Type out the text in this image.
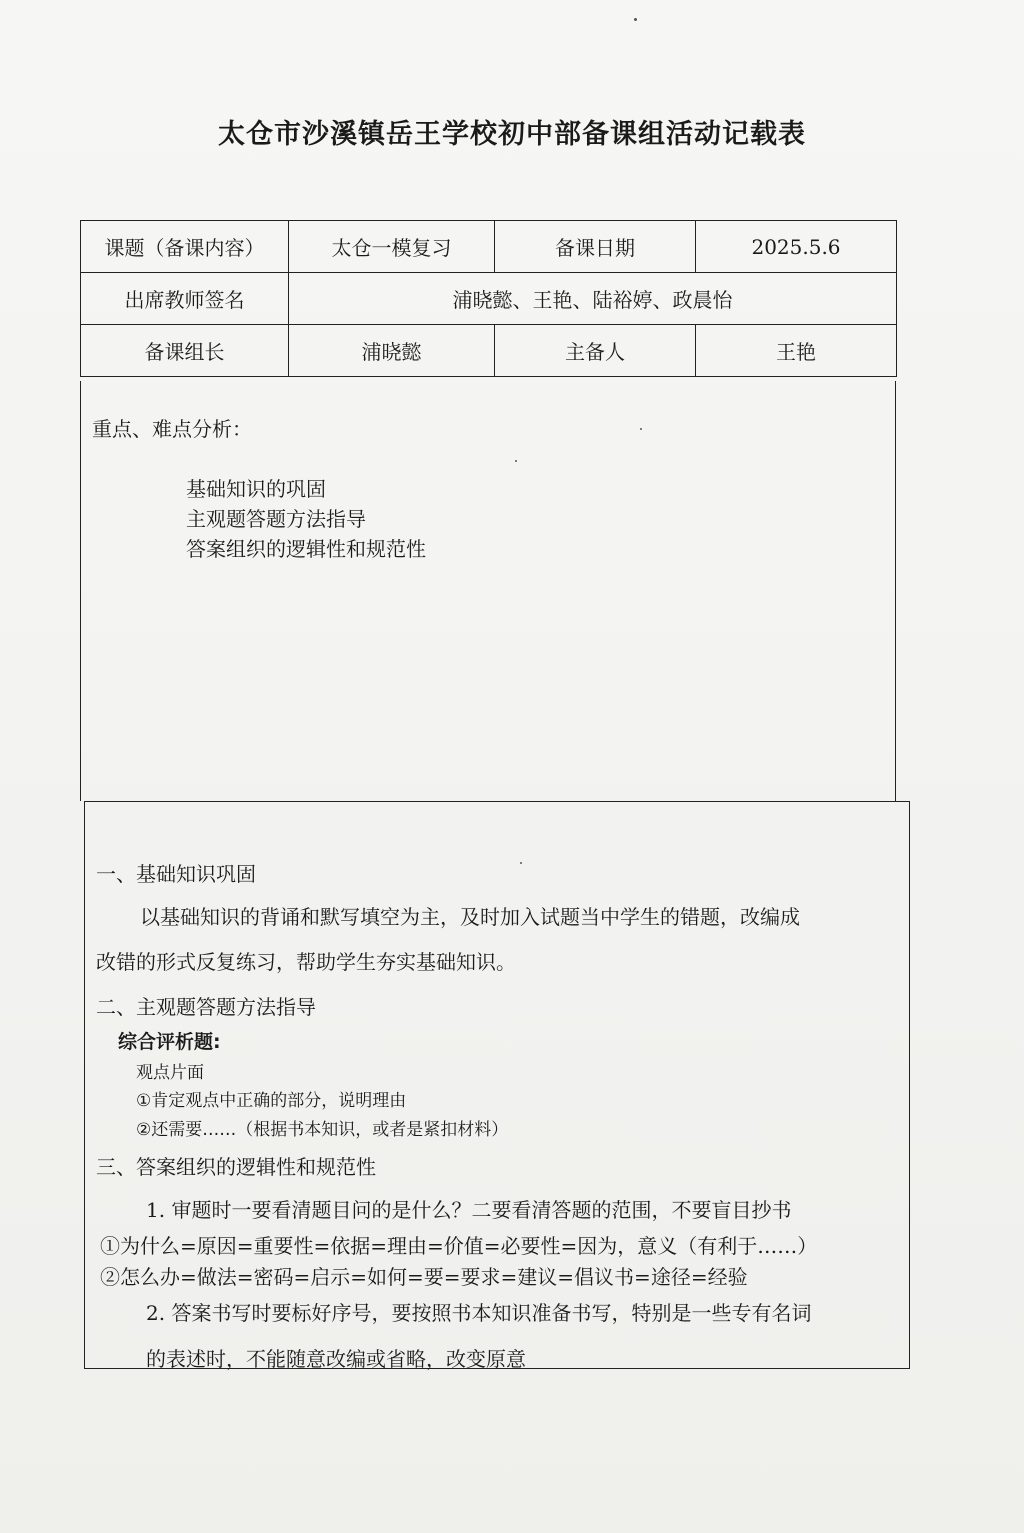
太仓市沙溪镇岳王学校初中部备课组活动记载表
课题（备课内容）	太仓一模复习	备课日期	2025.5.6
出席教师签名	浦晓懿、王艳、陆裕婷、政晨怡		
备课组长	浦晓懿	主备人	王艳
重点、难点分析：
基础知识的巩固
主观题答题方法指导
答案组织的逻辑性和规范性
一、基础知识巩固
以基础知识的背诵和默写填空为主，及时加入试题当中学生的错题，改编成
改错的形式反复练习，帮助学生夯实基础知识。
二、主观题答题方法指导
综合评析题:
观点片面
①肯定观点中正确的部分，说明理由
②还需要……（根据书本知识，或者是紧扣材料）
三、答案组织的逻辑性和规范性
1. 审题时一要看清题目问的是什么？二要看清答题的范围，不要盲目抄书
①为什么=原因=重要性=依据=理由=价值=必要性=因为，意义（有利于……）
②怎么办=做法=密码=启示=如何=要=要求=建议=倡议书=途径=经验
2. 答案书写时要标好序号，要按照书本知识准备书写，特别是一些专有名词
的表述时，不能随意改编或省略，改变原意
